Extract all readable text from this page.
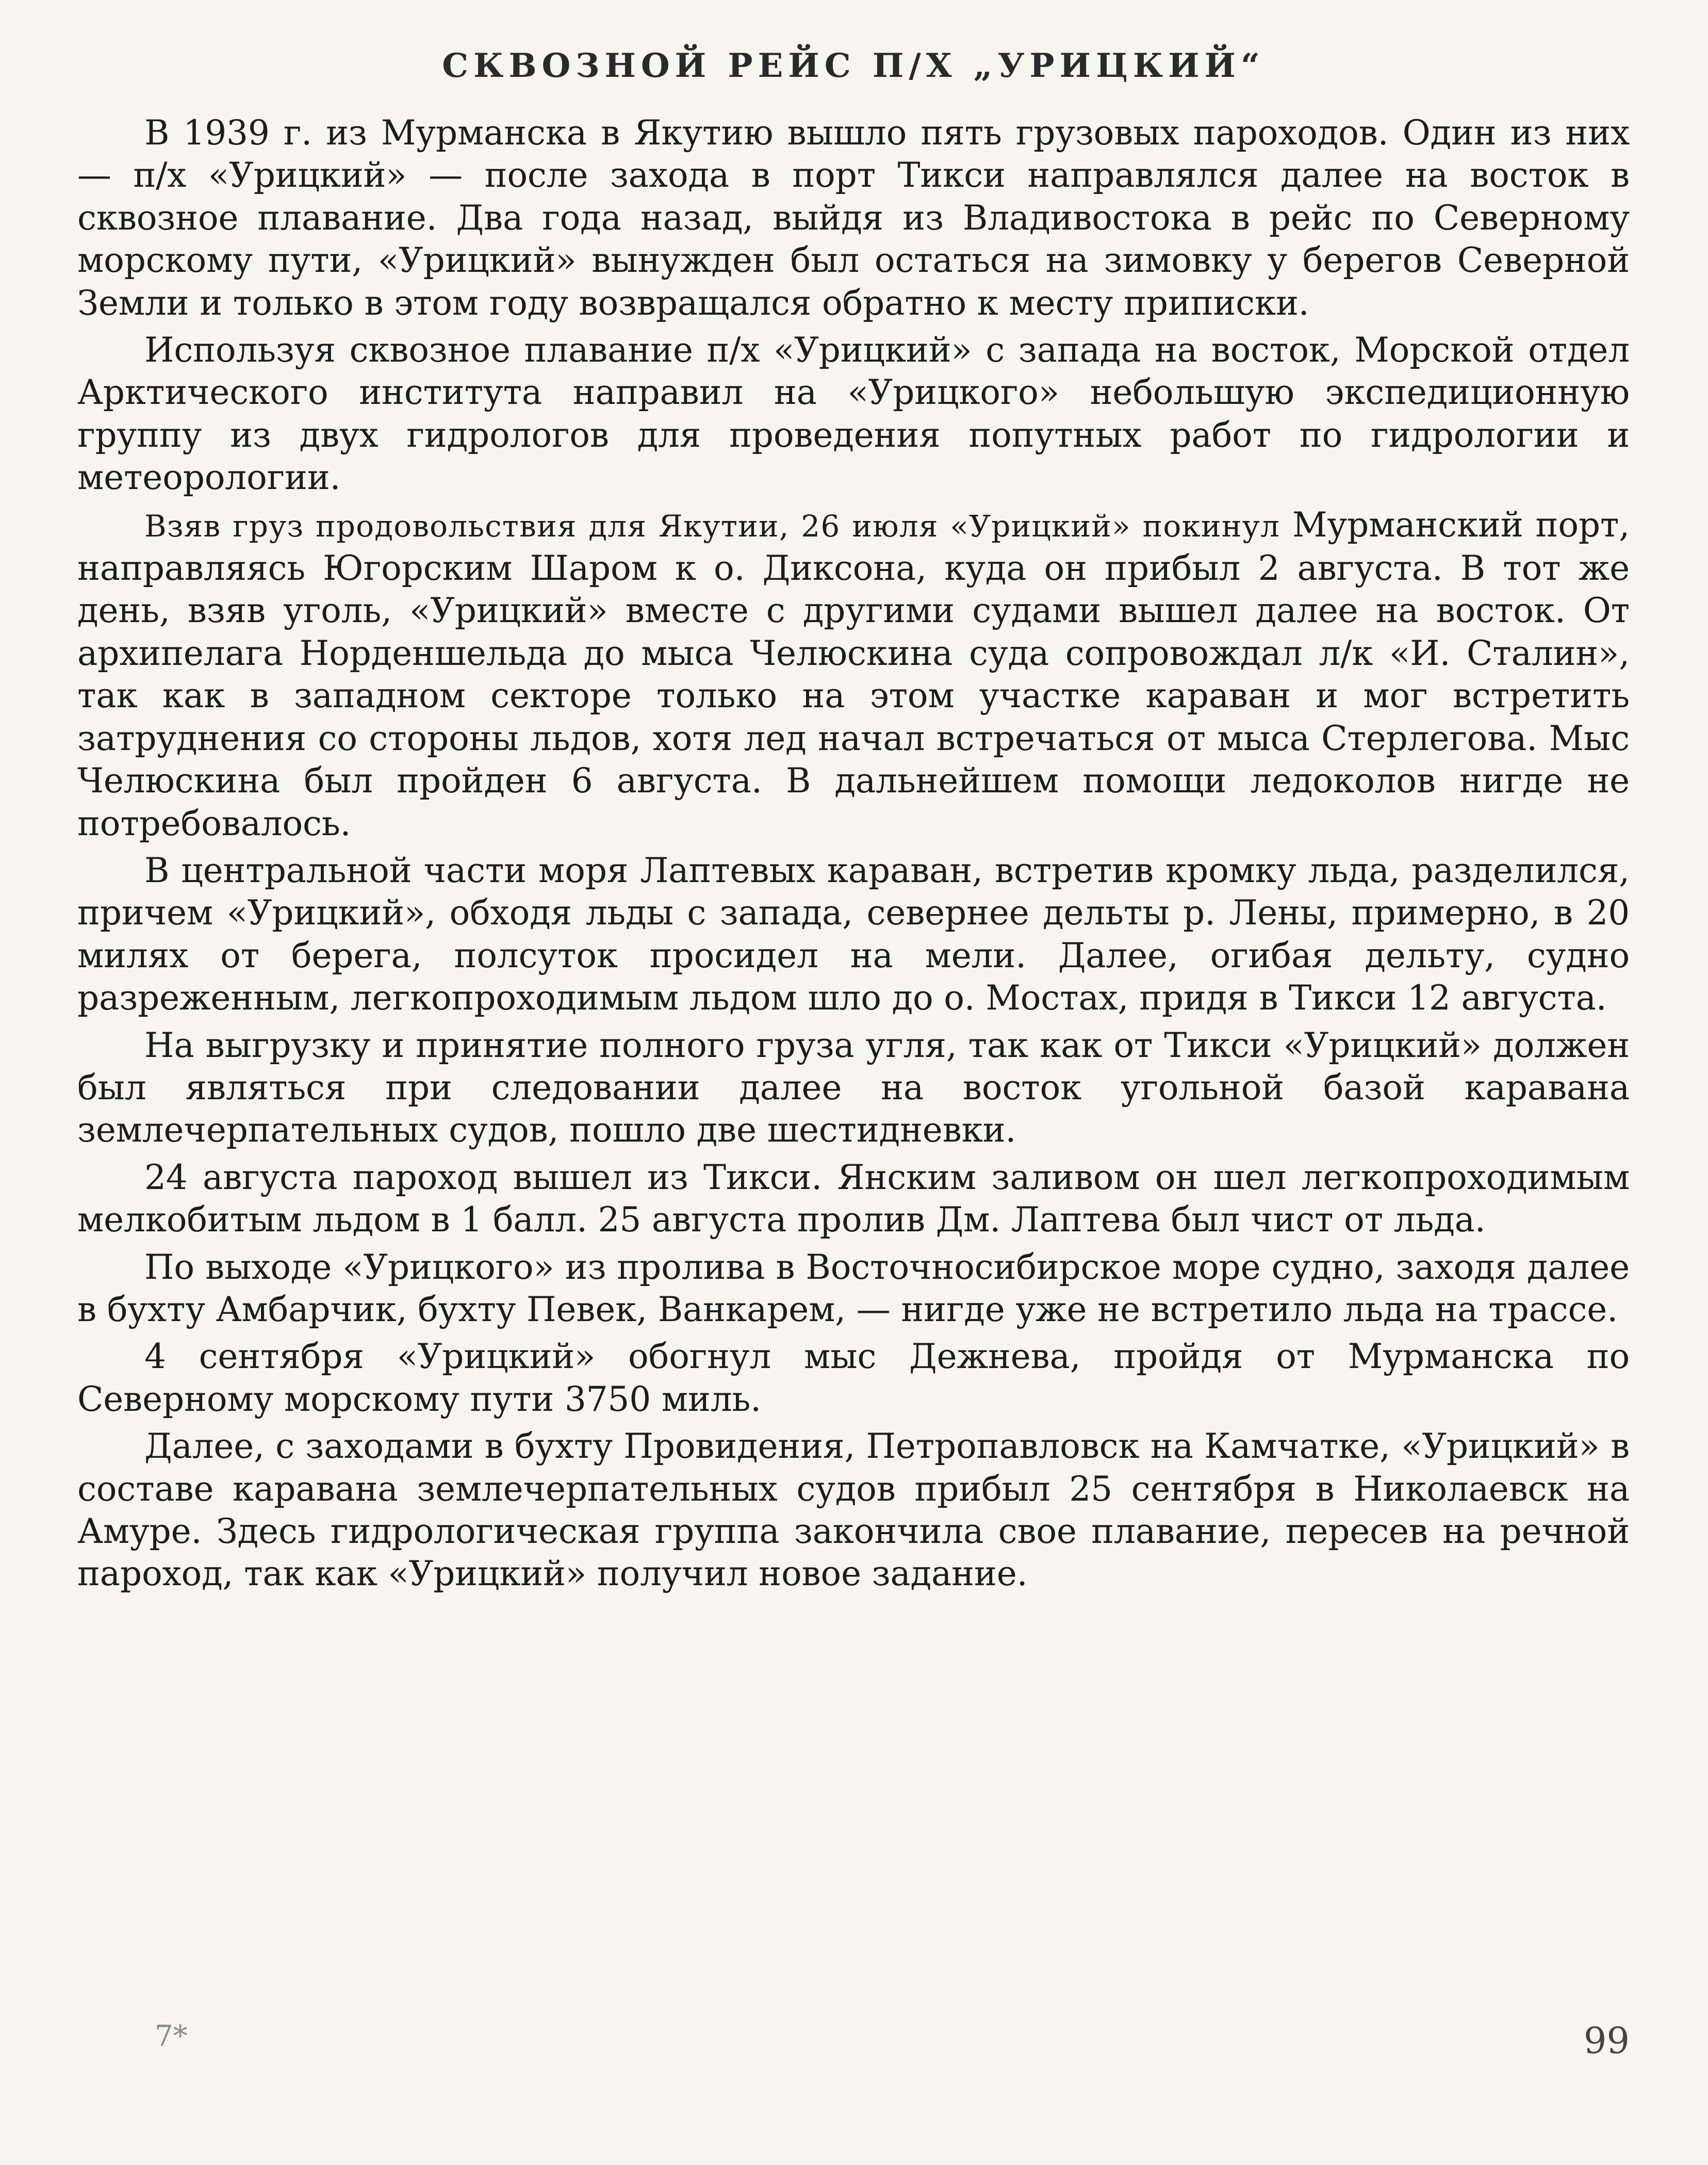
СКВОЗНОЙ РЕЙС П/Х „УРИЦКИЙ“

В 1939 г. из Мурманска в Якутию вышло пять грузовых пароходов. Один из них — п/х «Урицкий» — после захода в порт Тикси направлялся далее на восток в сквозное плавание. Два года назад, выйдя из Владивостока в рейс по Северному морскому пути, «Урицкий» вынужден был остаться на зимовку у берегов Северной Земли и только в этом году возвращался обратно к месту приписки.

Используя сквозное плавание п/х «Урицкий» с запада на восток, Морской отдел Арктического института направил на «Урицкого» небольшую экспедиционную группу из двух гидрологов для проведения попутных работ по гидрологии и метеорологии.

Взяв груз продовольствия для Якутии, 26 июля «Урицкий» покинул Мурманский порт, направляясь Югорским Шаром к о. Диксона, куда он прибыл 2 августа. В тот же день, взяв уголь, «Урицкий» вместе с другими судами вышел далее на восток. От архипелага Норденшельда до мыса Челюскина суда сопровождал л/к «И. Сталин», так как в западном секторе только на этом участке караван и мог встретить затруднения со стороны льдов, хотя лед начал встречаться от мыса Стерлегова. Мыс Челюскина был пройден 6 августа. В дальнейшем помощи ледоколов нигде не потребовалось.

В центральной части моря Лаптевых караван, встретив кромку льда, разделился, причем «Урицкий», обходя льды с запада, севернее дельты р. Лены, примерно, в 20 милях от берега, полсуток просидел на мели. Далее, огибая дельту, судно разреженным, легкопроходимым льдом шло до о. Мостах, придя в Тикси 12 августа.

На выгрузку и принятие полного груза угля, так как от Тикси «Урицкий» должен был являться при следовании далее на восток угольной базой каравана землечерпательных судов, пошло две шестидневки.

24 августа пароход вышел из Тикси. Янским заливом он шел легкопроходимым мелкобитым льдом в 1 балл. 25 августа пролив Дм. Лаптева был чист от льда.

По выходе «Урицкого» из пролива в Восточносибирское море судно, заходя далее в бухту Амбарчик, бухту Певек, Ванкарем, — нигде уже не встретило льда на трассе.

4 сентября «Урицкий» обогнул мыс Дежнева, пройдя от Мурманска по Северному морскому пути 3750 миль.

Далее, с заходами в бухту Провидения, Петропавловск на Камчатке, «Урицкий» в составе каравана землечерпательных судов прибыл 25 сентября в Николаевск на Амуре. Здесь гидрологическая группа закончила свое плавание, пересев на речной пароход, так как «Урицкий» получил новое задание.

7*	99
